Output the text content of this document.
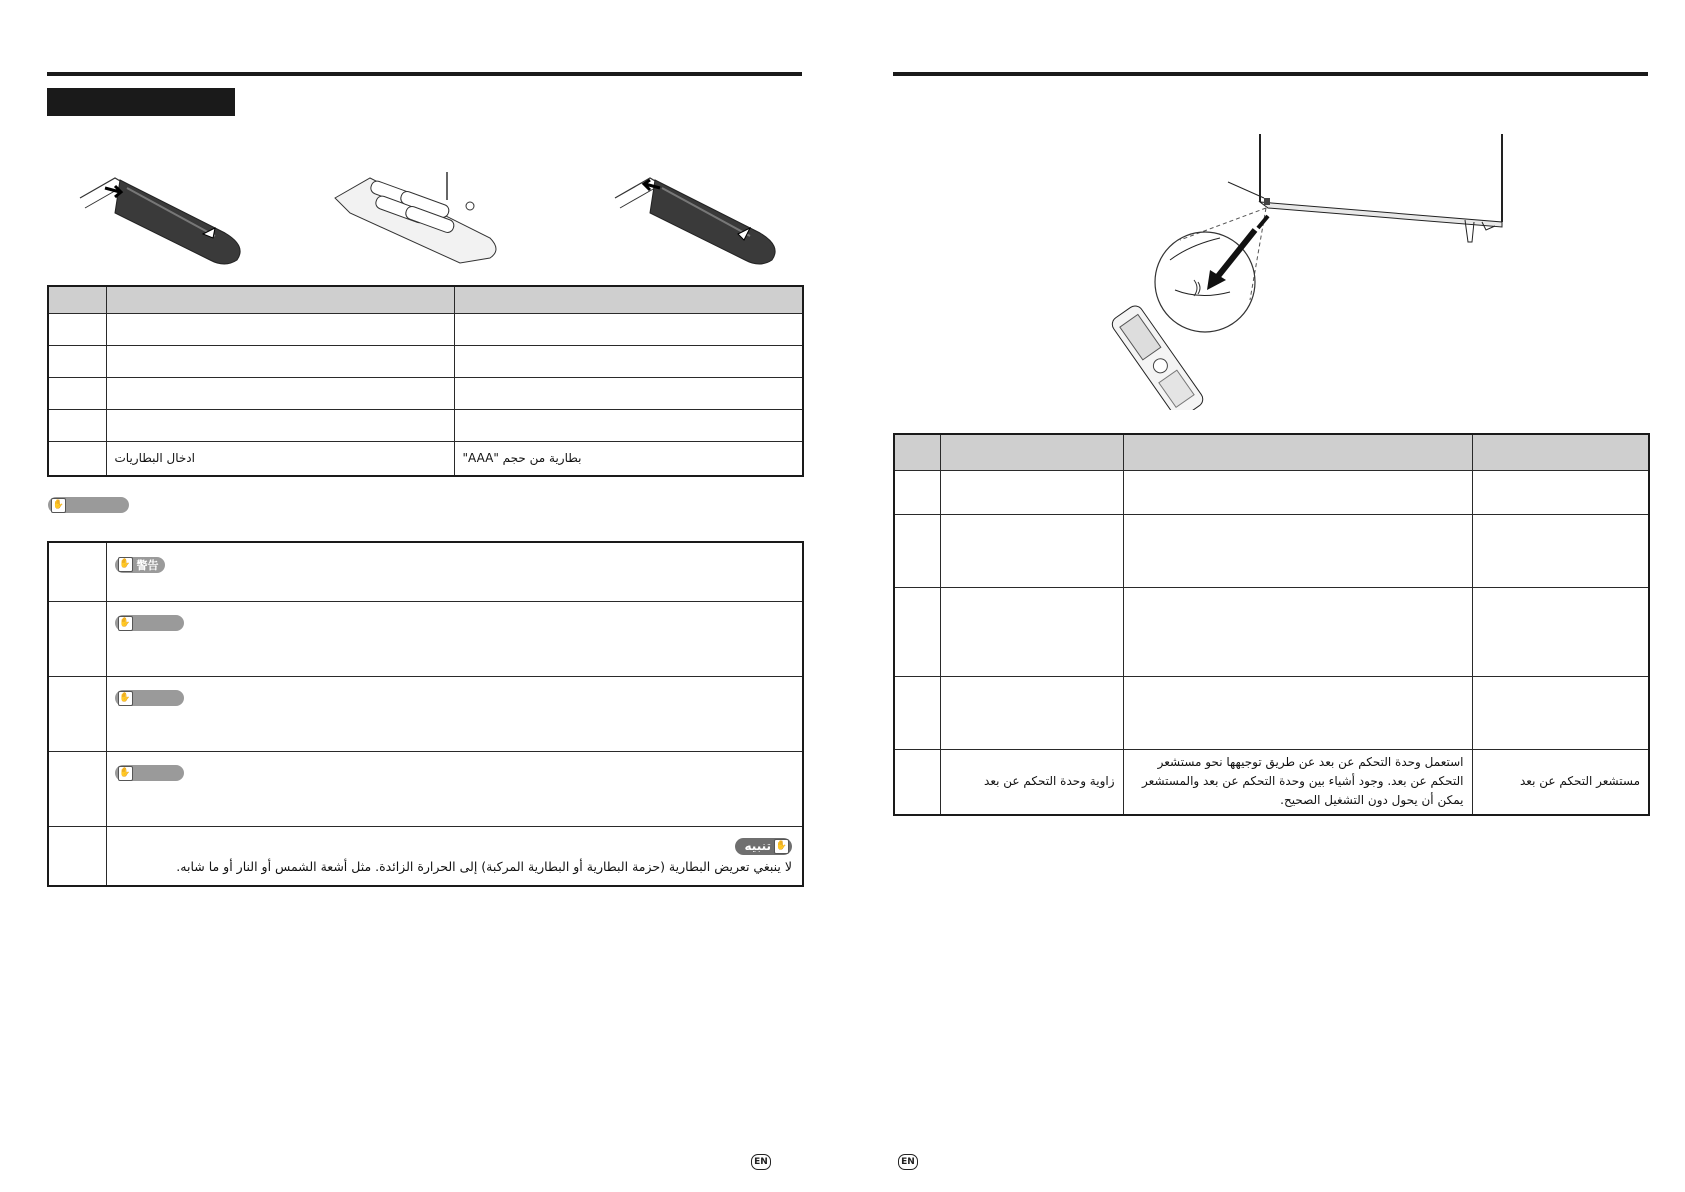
	ادخال البطاريات	بطارية من حجم "AAA"
✋

	✋ 警告

	✋

	✋

	✋

	تنبيه ✋
لا ينبغي تعريض البطارية (حزمة البطارية أو البطارية المركبة) إلى الحرارة الزائدة. مثل أشعة الشمس أو النار أو ما شابه.
EN

	زاوية وحدة التحكم عن بعد	استعمل وحدة التحكم عن بعد عن طريق توجيهها نحو مستشعر التحكم عن بعد. وجود أشياء بين وحدة التحكم عن بعد والمستشعر يمكن أن يحول دون التشغيل الصحيح.	مستشعر التحكم عن بعد
EN
